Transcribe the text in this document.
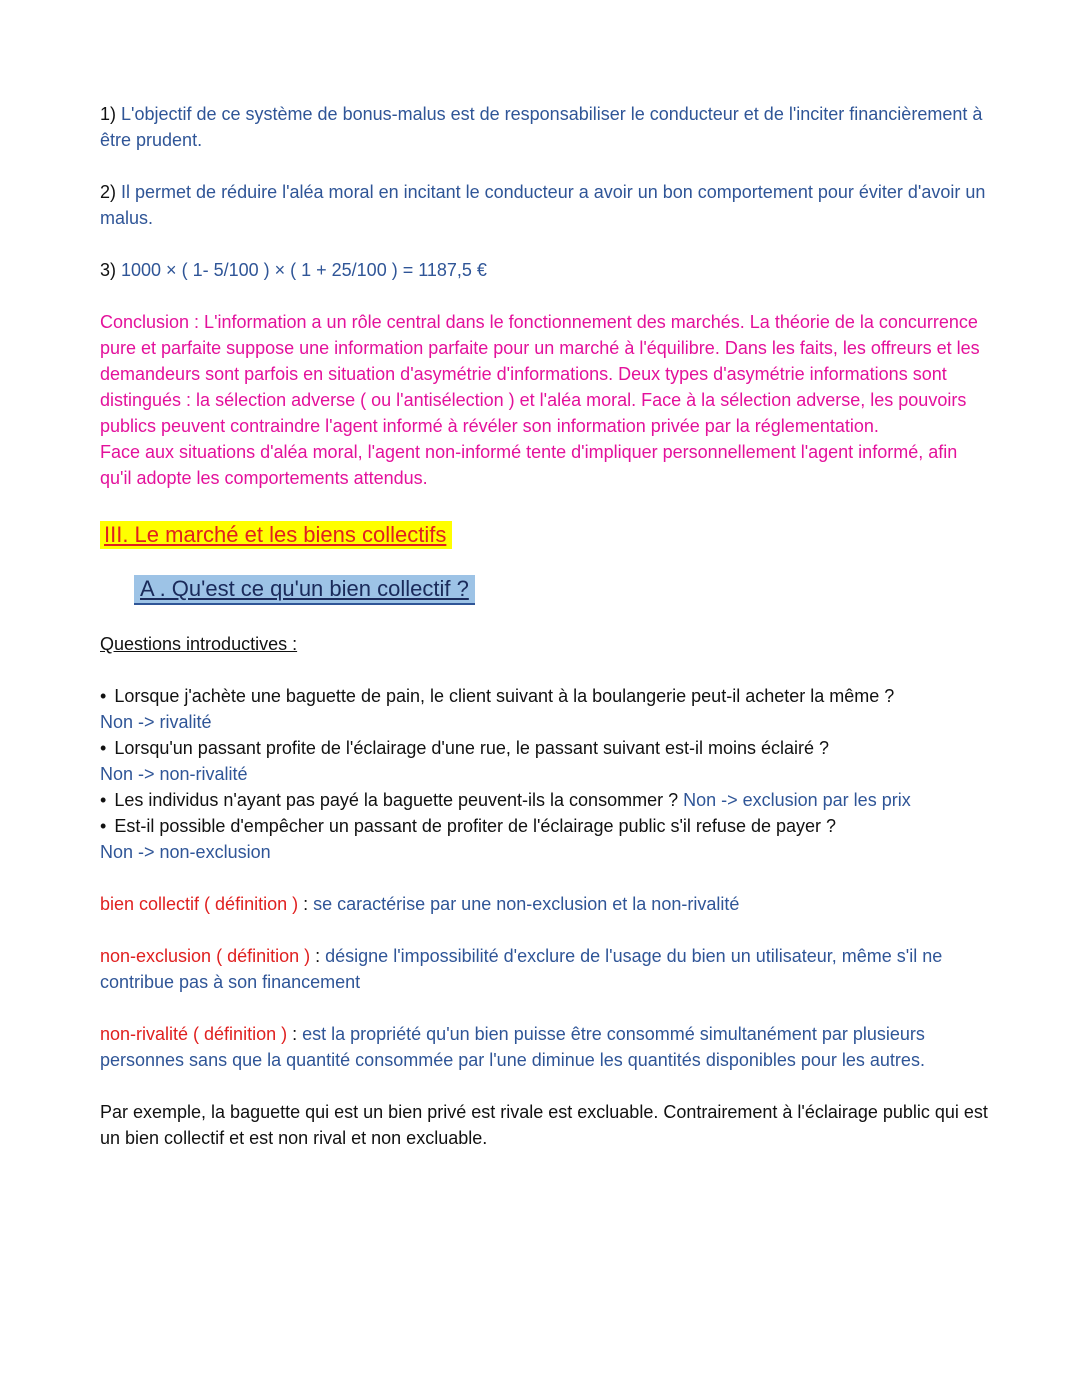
1) L'objectif de ce système de bonus-malus est de responsabiliser le conducteur et de l'inciter financièrement à être prudent.

2) Il permet de réduire l'aléa moral en incitant le conducteur a avoir un bon comportement pour éviter d'avoir un malus.

3) 1000 × ( 1- 5/100 ) × ( 1 + 25/100 ) = 1187,5 €

Conclusion : L'information a un rôle central dans le fonctionnement des marchés. La théorie de la concurrence pure et parfaite suppose une information parfaite pour un marché à l'équilibre. Dans les faits, les offreurs et les demandeurs sont parfois en situation d'asymétrie d'informations. Deux types d'asymétrie informations sont distingués : la sélection adverse ( ou l'antisélection ) et l'aléa moral. Face à la sélection adverse, les pouvoirs publics peuvent contraindre l'agent informé à révéler son information privée par la réglementation.

Face aux situations d'aléa moral, l'agent non-informé tente d'impliquer personnellement l'agent informé, afin qu'il adopte les comportements attendus.

III. Le marché et les biens collectifs
A . Qu'est ce qu'un bien collectif ?

Questions introductives :

• Lorsque j'achète une baguette de pain, le client suivant à la boulangerie peut-il acheter la même ?

Non -> rivalité

• Lorsqu'un passant profite de l'éclairage d'une rue, le passant suivant est-il moins éclairé ?

Non -> non-rivalité

• Les individus n'ayant pas payé la baguette peuvent-ils la consommer ? Non -> exclusion par les prix

• Est-il possible d'empêcher un passant de profiter de l'éclairage public s'il refuse de payer ?

Non -> non-exclusion

bien collectif ( définition ) : se caractérise par une non-exclusion et la non-rivalité

non-exclusion ( définition ) : désigne l'impossibilité d'exclure de l'usage du bien un utilisateur, même s'il ne contribue pas à son financement

non-rivalité ( définition ) : est la propriété qu'un bien puisse être consommé simultanément par plusieurs personnes sans que la quantité consommée par l'une diminue les quantités disponibles pour les autres.

Par exemple, la baguette qui est un bien privé est rivale est excluable. Contrairement à l'éclairage public qui est un bien collectif et est non rival et non excluable.
